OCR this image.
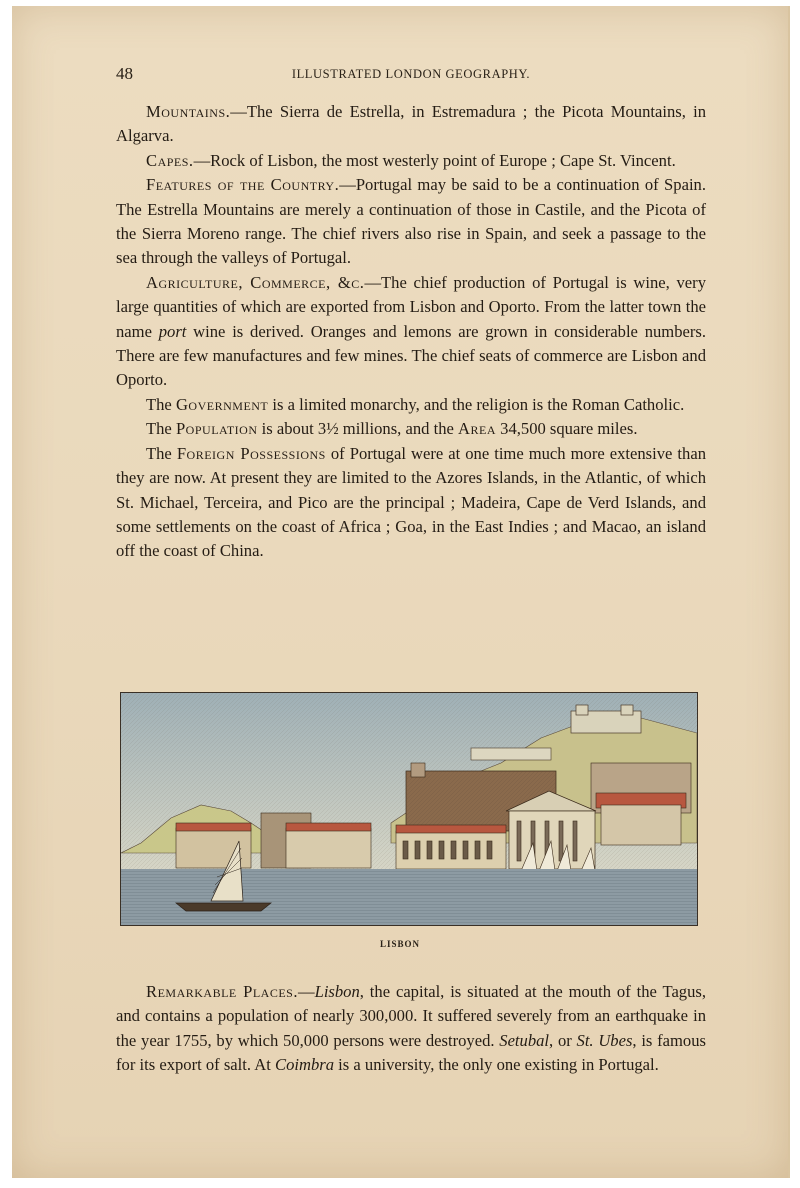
48	ILLUSTRATED LONDON GEOGRAPHY.

Mountains.—The Sierra de Estrella, in Estremadura ; the Picota Mountains, in Algarva.

Capes.—Rock of Lisbon, the most westerly point of Europe ; Cape St. Vincent.

Features of the Country.—Portugal may be said to be a continuation of Spain. The Estrella Mountains are merely a continuation of those in Castile, and the Picota of the Sierra Moreno range. The chief rivers also rise in Spain, and seek a passage to the sea through the valleys of Portugal.

Agriculture, Commerce, &c.—The chief production of Portugal is wine, very large quantities of which are exported from Lisbon and Oporto. From the latter town the name port wine is derived. Oranges and lemons are grown in considerable numbers. There are few manufactures and few mines. The chief seats of commerce are Lisbon and Oporto.

The Government is a limited monarchy, and the religion is the Roman Catholic.

The Population is about 3½ millions, and the Area 34,500 square miles.

The Foreign Possessions of Portugal were at one time much more extensive than they are now. At present they are limited to the Azores Islands, in the Atlantic, of which St. Michael, Terceira, and Pico are the principal ; Madeira, Cape de Verd Islands, and some settlements on the coast of Africa ; Goa, in the East Indies ; and Macao, an island off the coast of China.

LISBON

Remarkable Places.—Lisbon, the capital, is situated at the mouth of the Tagus, and contains a population of nearly 300,000. It suffered severely from an earthquake in the year 1755, by which 50,000 persons were destroyed. Setubal, or St. Ubes, is famous for its export of salt. At Coimbra is a university, the only one existing in Portugal.
